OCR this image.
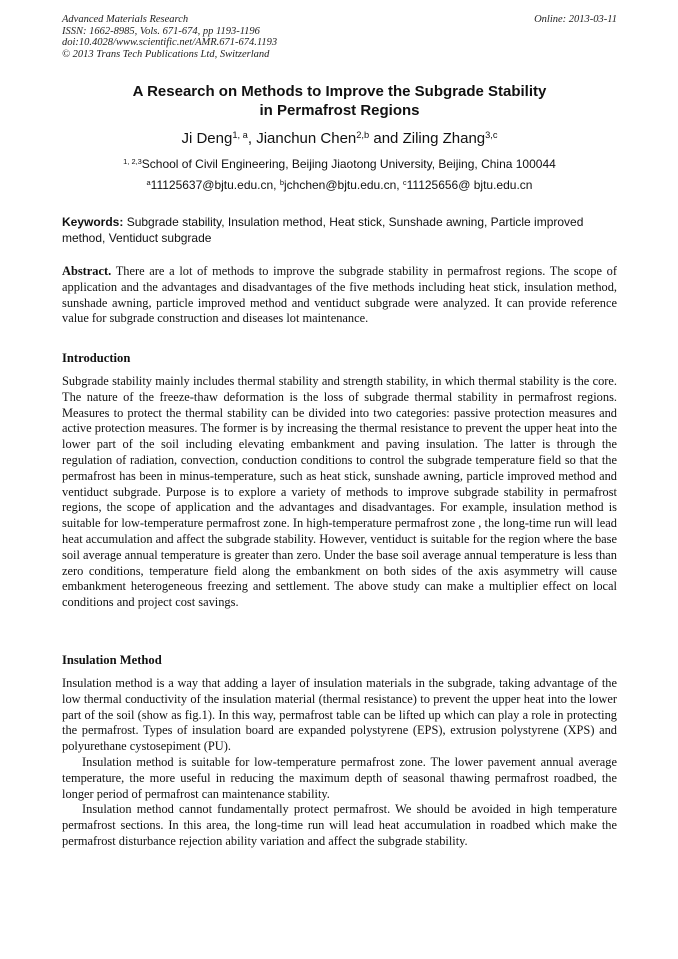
Advanced Materials Research
ISSN: 1662-8985, Vols. 671-674, pp 1193-1196
doi:10.4028/www.scientific.net/AMR.671-674.1193
© 2013 Trans Tech Publications Ltd, Switzerland
Online: 2013-03-11
A Research on Methods to Improve the Subgrade Stability
in Permafrost Regions
Ji Deng$^{1, a}$, Jianchun Chen$^{2,b}$ and Ziling Zhang$^{3,c}$
$^{1, 2,3}$School of Civil Engineering, Beijing Jiaotong University, Beijing, China 100044
$^a$11125637@bjtu.edu.cn, $^b$jchchen@bjtu.edu.cn, $^c$11125656@ bjtu.edu.cn
Keywords: Subgrade stability, Insulation method, Heat stick, Sunshade awning, Particle improved method, Ventiduct subgrade

Abstract. There are a lot of methods to improve the subgrade stability in permafrost regions. The scope of application and the advantages and disadvantages of the five methods including heat stick, insulation method, sunshade awning, particle improved method and ventiduct subgrade were analyzed. It can provide reference value for subgrade construction and diseases lot maintenance.

Introduction

Subgrade stability mainly includes thermal stability and strength stability, in which thermal stability is the core. The nature of the freeze-thaw deformation is the loss of subgrade thermal stability in permafrost regions. Measures to protect the thermal stability can be divided into two categories: passive protection measures and active protection measures. The former is by increasing the thermal resistance to prevent the upper heat into the lower part of the soil including elevating embankment and paving insulation. The latter is through the regulation of radiation, convection, conduction conditions to control the subgrade temperature field so that the permafrost has been in minus-temperature, such as heat stick, sunshade awning, particle improved method and ventiduct subgrade. Purpose is to explore a variety of methods to improve subgrade stability in permafrost regions, the scope of application and the advantages and disadvantages. For example, insulation method is suitable for low-temperature permafrost zone. In high-temperature permafrost zone , the long-time run will lead heat accumulation and affect the subgrade stability. However, ventiduct is suitable for the region where the base soil average annual temperature is greater than zero. Under the base soil average annual temperature is less than zero conditions, temperature field along the embankment on both sides of the axis asymmetry will cause embankment heterogeneous freezing and settlement. The above study can make a multiplier effect on local conditions and project cost savings.

Insulation Method

Insulation method is a way that adding a layer of insulation materials in the subgrade, taking advantage of the low thermal conductivity of the insulation material (thermal resistance) to prevent the upper heat into the lower part of the soil (show as fig.1). In this way, permafrost table can be lifted up which can play a role in protecting the permafrost. Types of insulation board are expanded polystyrene (EPS), extrusion polystyrene (XPS) and polyurethane cystosepiment (PU).

Insulation method is suitable for low-temperature permafrost zone. The lower pavement annual average temperature, the more useful in reducing the maximum depth of seasonal thawing permafrost roadbed, the longer period of permafrost can maintenance stability.

Insulation method cannot fundamentally protect permafrost. We should be avoided in high temperature permafrost sections. In this area, the long-time run will lead heat accumulation in roadbed which make the permafrost disturbance rejection ability variation and affect the subgrade stability.
